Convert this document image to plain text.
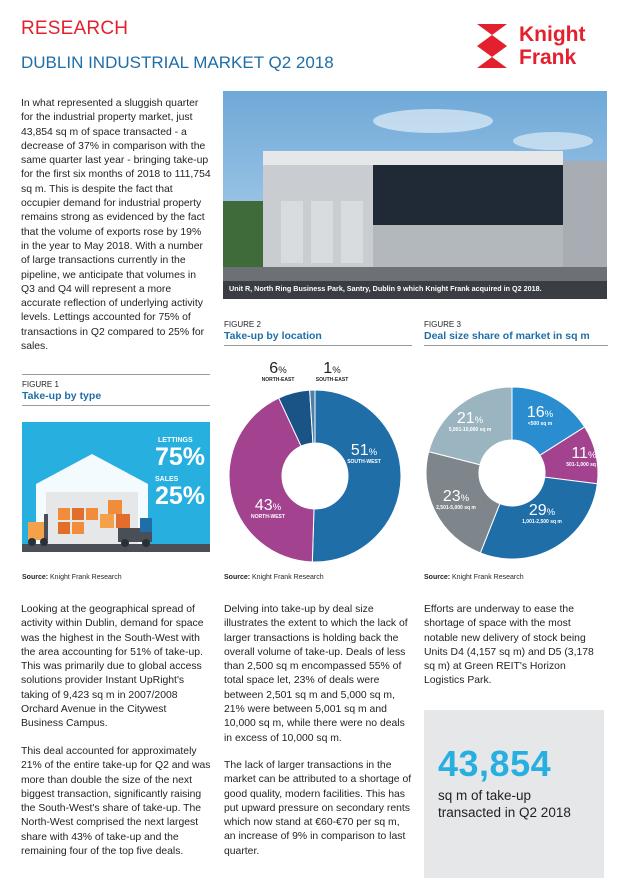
RESEARCH
DUBLIN INDUSTRIAL MARKET Q2 2018
Knight
Frank

In what represented a sluggish quarter for the industrial property market, just 43,854 sq m of space transacted - a decrease of 37% in comparison with the same quarter last year - bringing take-up for the first six months of 2018 to 111,754 sq m. This is despite the fact that occupier demand for industrial property remains strong as evidenced by the fact that the volume of exports rose by 19% in the year to May 2018. With a number of large transactions currently in the pipeline, we anticipate that volumes in Q3 and Q4 will represent a more accurate reflection of underlying activity levels. Lettings accounted for 75% of transactions in Q2 compared to 25% for sales.

Unit R, North Ring Business Park, Santry, Dublin 9 which Knight Frank acquired in Q2 2018.
FIGURE 1
Take-up by type
LETTINGS
75%
SALES
25%
Source: Knight Frank Research
FIGURE 2
Take-up by location
51%
SOUTH-WEST
43%
NORTH-WEST
6%
NORTH-EAST
1%
SOUTH-EAST
Source: Knight Frank Research
FIGURE 3
Deal size share of market in sq m
16%
<500 sq m
11%
501-1,000 sq m
29%
1,001-2,500 sq m
23%
2,501-5,000 sq m
21%
5,001-10,000 sq m
Source: Knight Frank Research

Looking at the geographical spread of activity within Dublin, demand for space was the highest in the South-West with the area accounting for 51% of take-up. This was primarily due to global access solutions provider Instant UpRight's taking of 9,423 sq m in 2007/2008 Orchard Avenue in the Citywest Business Campus.

This deal accounted for approximately 21% of the entire take-up for Q2 and was more than double the size of the next biggest transaction, significantly raising the South-West's share of take-up. The North-West comprised the next largest share with 43% of take-up and the remaining four of the top five deals.

Delving into take-up by deal size illustrates the extent to which the lack of larger transactions is holding back the overall volume of take-up. Deals of less than 2,500 sq m encompassed 55% of total space let, 23% of deals were between 2,501 sq m and 5,000 sq m, 21% were between 5,001 sq m and 10,000 sq m, while there were no deals in excess of 10,000 sq m.

The lack of larger transactions in the market can be attributed to a shortage of good quality, modern facilities. This has put upward pressure on secondary rents which now stand at €60-€70 per sq m, an increase of 9% in comparison to last quarter.

Efforts are underway to ease the shortage of space with the most notable new delivery of stock being Units D4 (4,157 sq m) and D5 (3,178 sq m) at Green REIT's Horizon Logistics Park.

43,854
sq m of take-up
transacted in Q2 2018
